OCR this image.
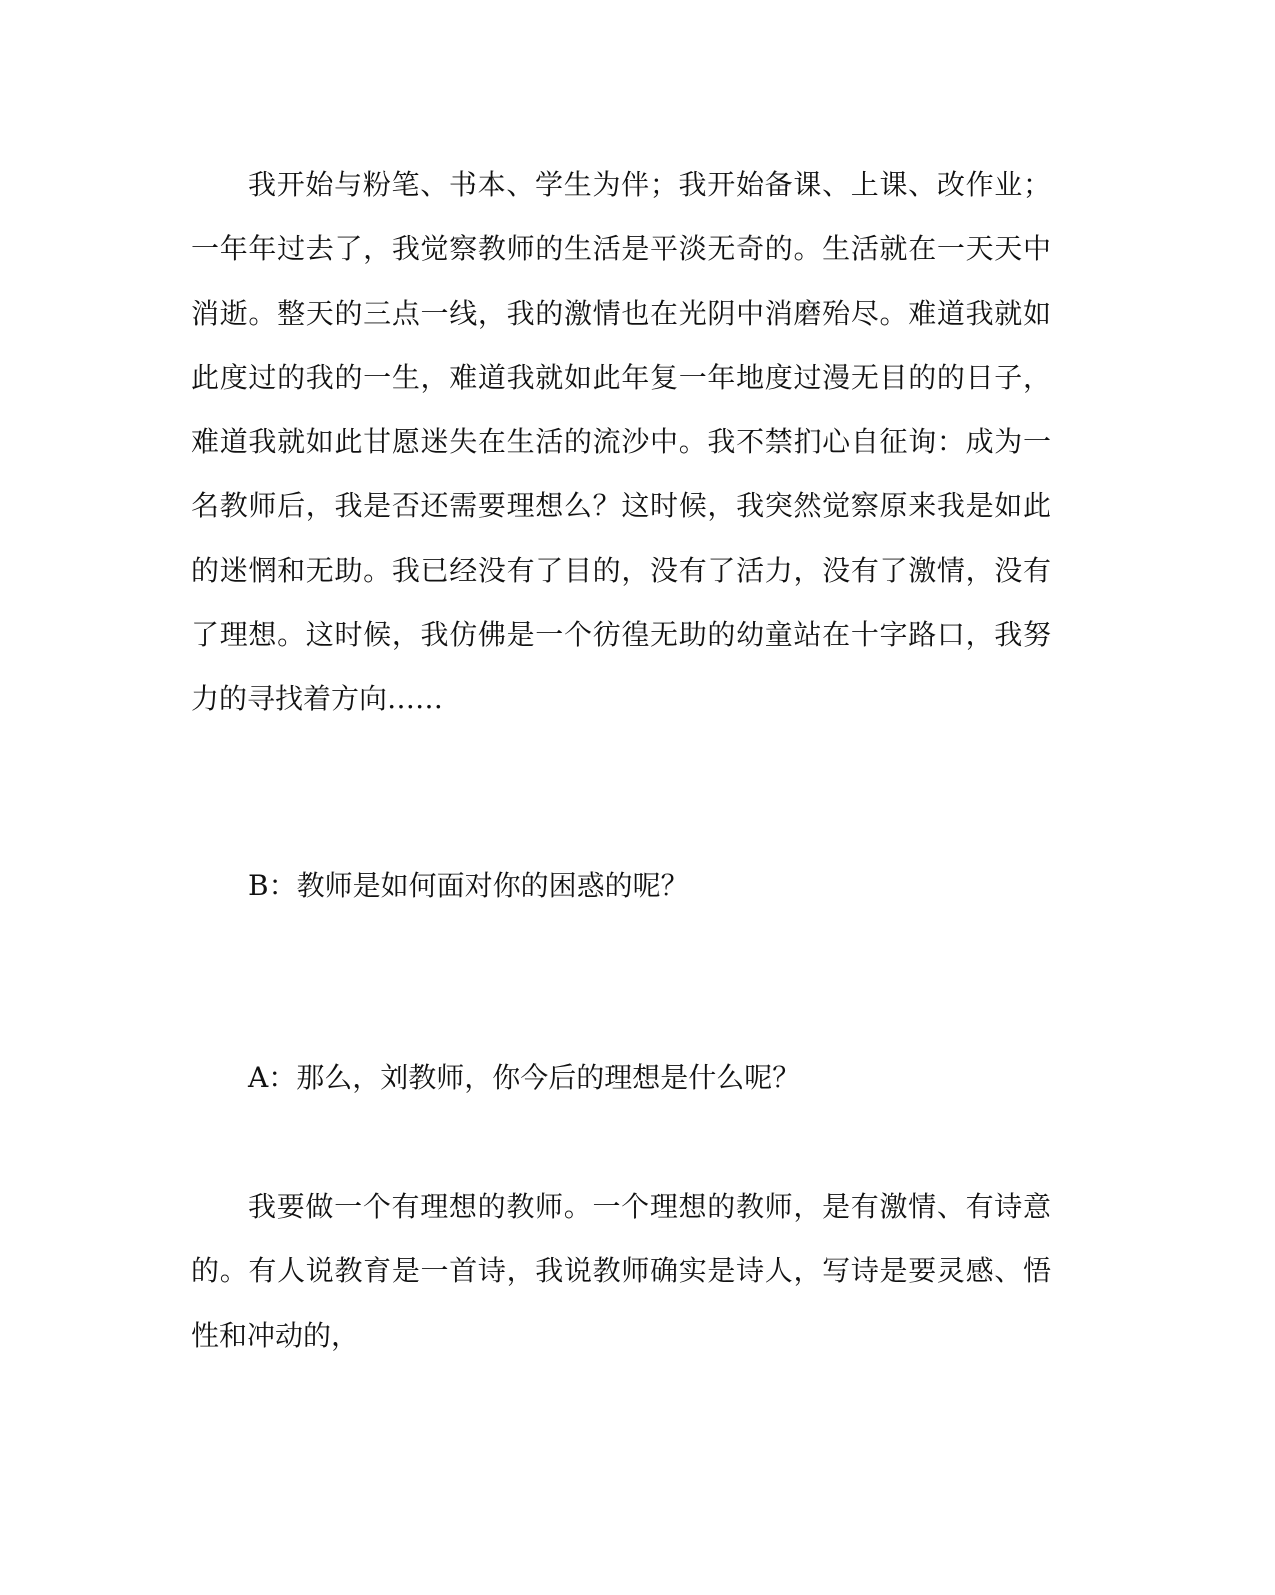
我开始与粉笔、书本、学生为伴；我开始备课、上课、改作业；一年年过去了，我觉察教师的生活是平淡无奇的。生活就在一天天中消逝。整天的三点一线，我的激情也在光阴中消磨殆尽。难道我就如此度过的我的一生，难道我就如此年复一年地度过漫无目的的日子，难道我就如此甘愿迷失在生活的流沙中。我不禁扪心自征询：成为一名教师后，我是否还需要理想么？这时候，我突然觉察原来我是如此的迷惘和无助。我已经没有了目的，没有了活力，没有了激情，没有了理想。这时候，我仿佛是一个彷徨无助的幼童站在十字路口，我努力的寻找着方向……

B：教师是如何面对你的困惑的呢？

A：那么，刘教师，你今后的理想是什么呢？

我要做一个有理想的教师。一个理想的教师，是有激情、有诗意的。有人说教育是一首诗，我说教师确实是诗人，写诗是要灵感、悟性和冲动的，
